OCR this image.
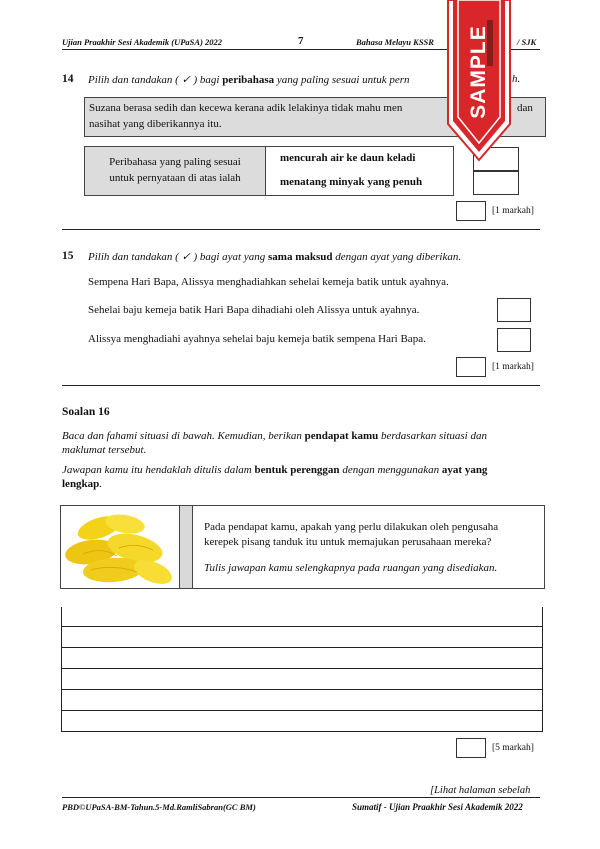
Ujian Praakhir Sesi Akademik (UPaSA) 2022	7	Bahasa Melayu KSSR	/ SJK
14 Pilih dan tandakan ( ✓ ) bagi peribahasa yang paling sesuai untuk pern	h.
Suzana berasa sedih dan kecewa kerana adik lelakinya tidak mahu men	dan
nasihat yang diberikannya itu.
Peribahasa yang paling sesuai
untuk pernyataan di atas ialah
mencurah air ke daun keladi
menatang minyak yang penuh
[1 markah]
15 Pilih dan tandakan ( ✓ ) bagi ayat yang sama maksud dengan ayat yang diberikan.
Sempena Hari Bapa, Alissya menghadiahkan sehelai kemeja batik untuk ayahnya.
Sehelai baju kemeja batik Hari Bapa dihadiahi oleh Alissya untuk ayahnya.
Alissya menghadiahi ayahnya sehelai baju kemeja batik sempena Hari Bapa.
[1 markah]
Soalan 16
Baca dan fahami situasi di bawah. Kemudian, berikan pendapat kamu berdasarkan situasi dan
maklumat tersebut.
Jawapan kamu itu hendaklah ditulis dalam bentuk perenggan dengan menggunakan ayat yang
lengkap.
Pada pendapat kamu, apakah yang perlu dilakukan oleh pengusaha
kerepek pisang tanduk itu untuk memajukan perusahaan mereka?
Tulis jawapan kamu selengkapnya pada ruangan yang disediakan.
[5 markah]
[Lihat halaman sebelah
PBD©UPaSA-BM-Tahun.5-Md.RamliSabran(GC BM)	Sumatif - Ujian Praakhir Sesi Akademik 2022
SAMPLE
